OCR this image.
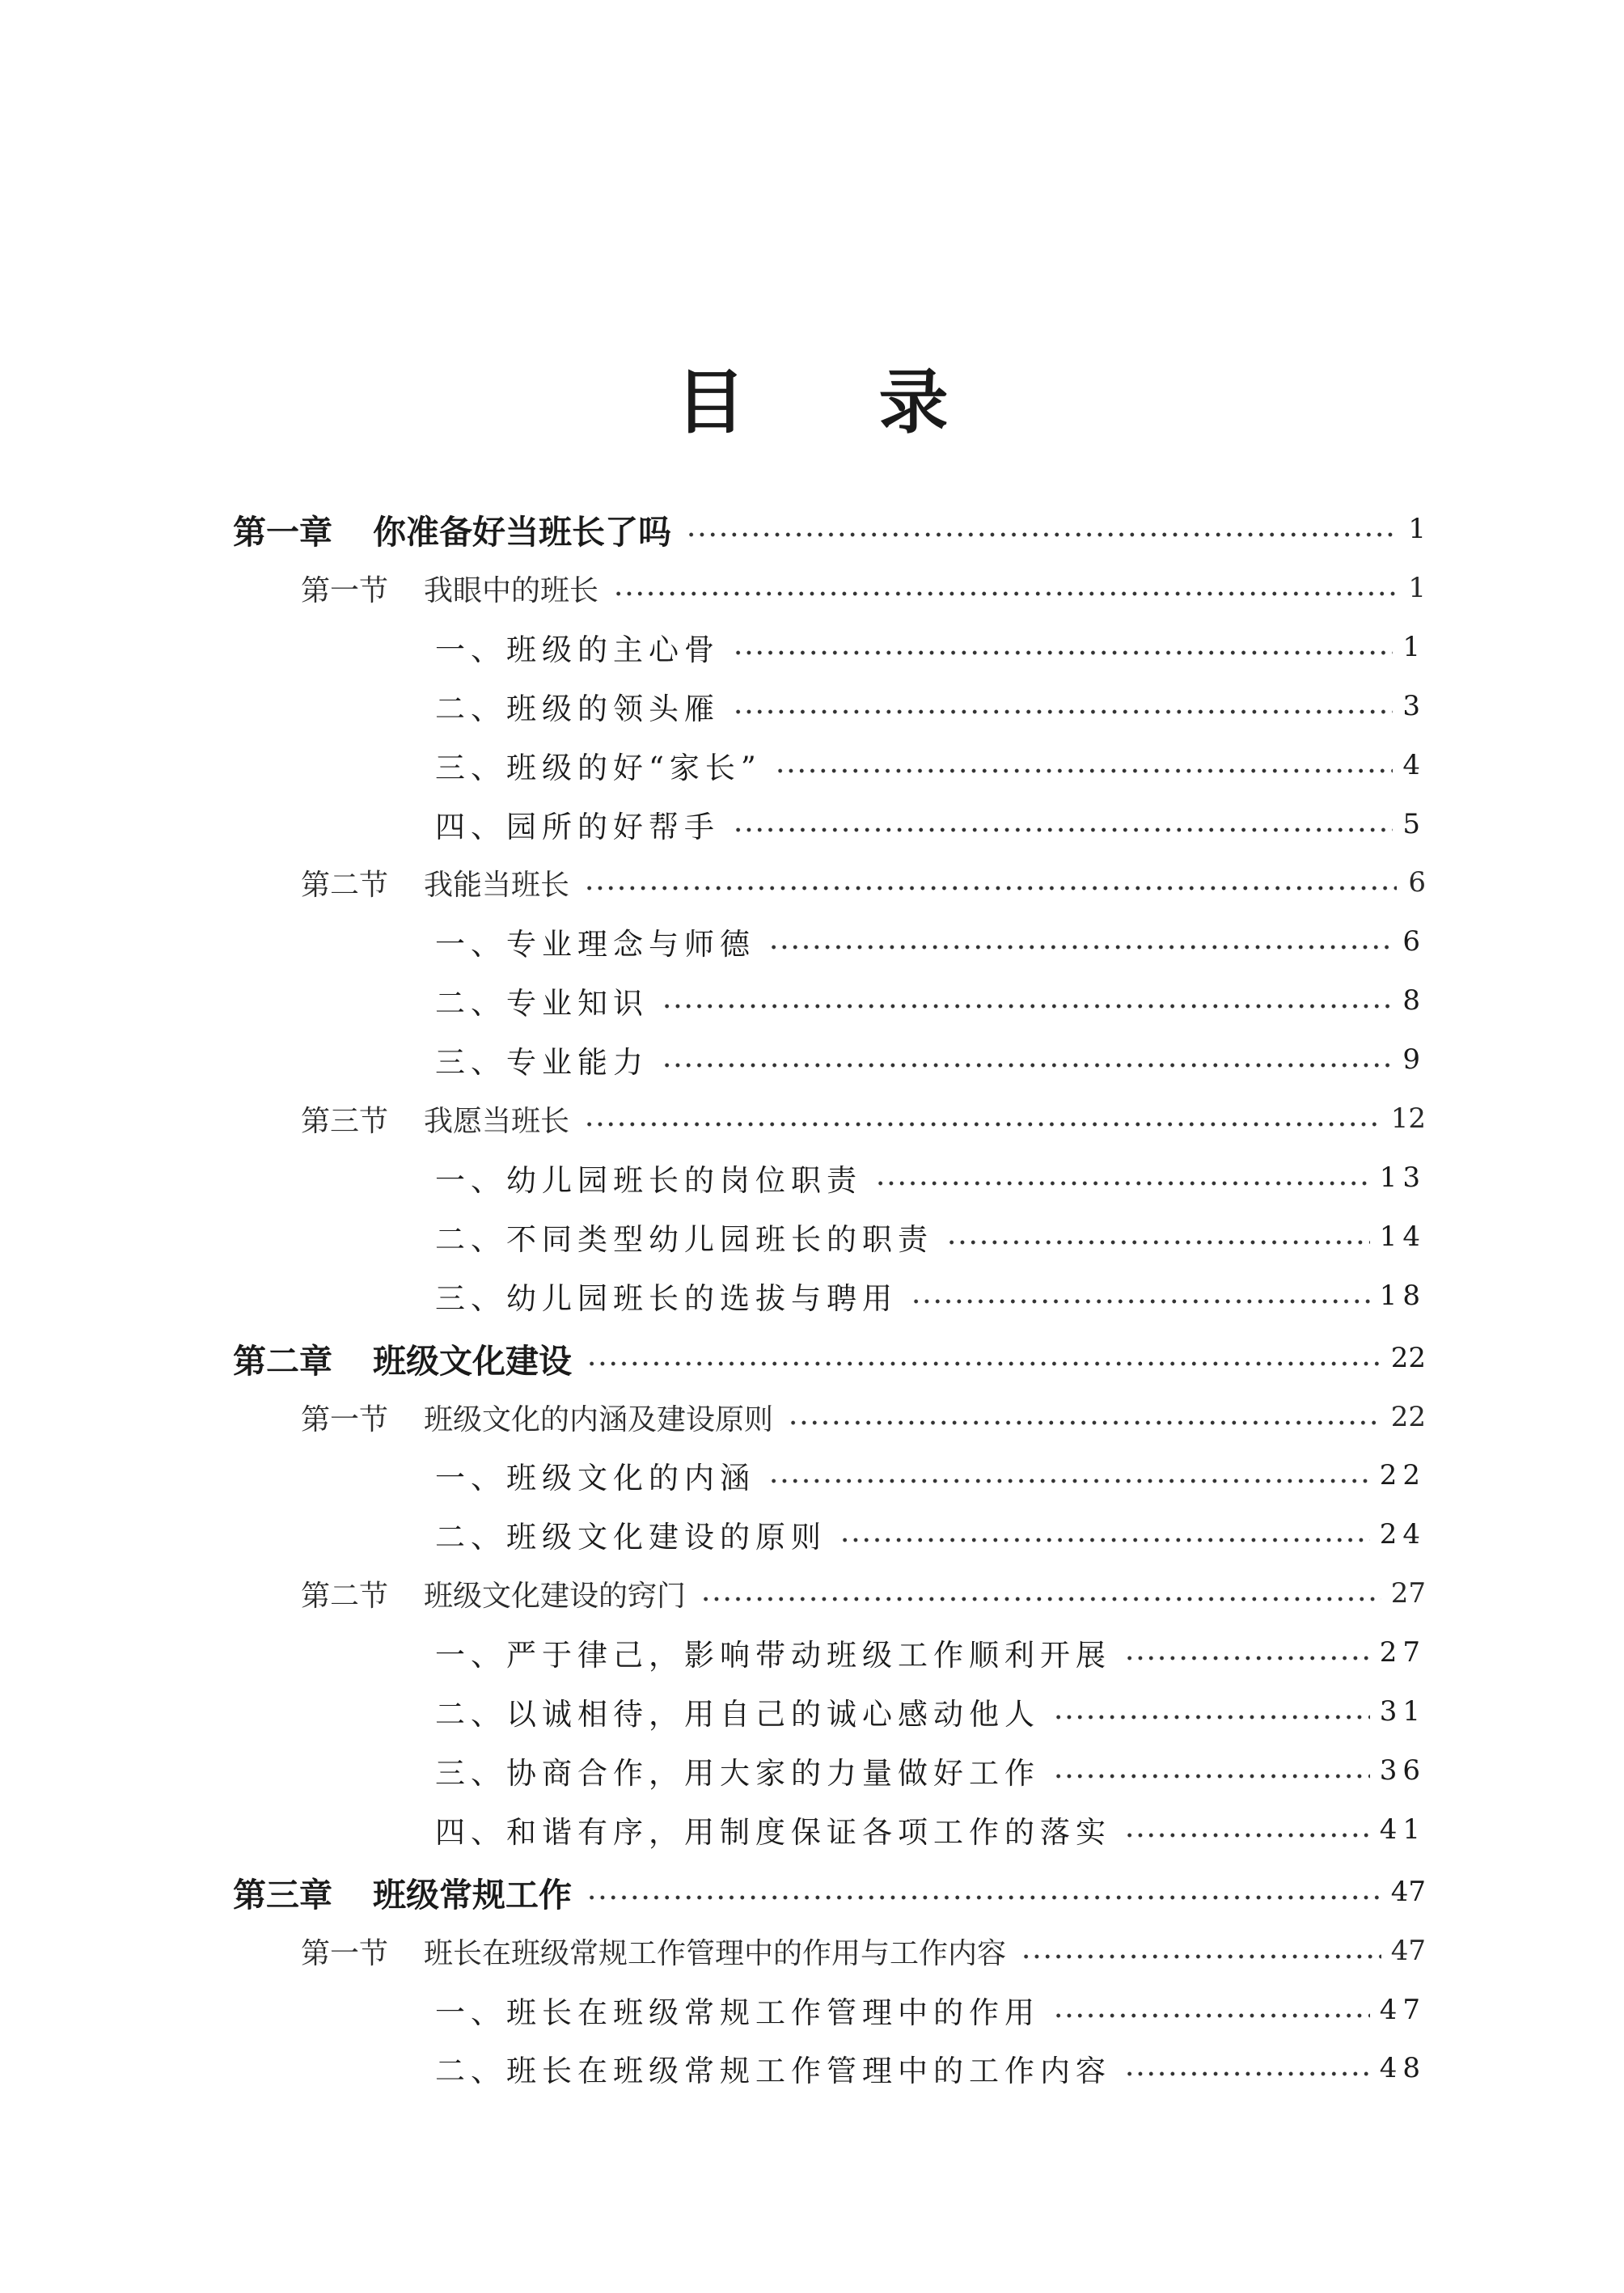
目 录
第一章 你准备好当班长了吗	1
第一节 我眼中的班长	1
一、班级的主心骨	1
二、班级的领头雁	3
三、班级的好“家长”	4
四、园所的好帮手	5
第二节 我能当班长	6
一、专业理念与师德	6
二、专业知识	8
三、专业能力	9
第三节 我愿当班长	12
一、幼儿园班长的岗位职责	13
二、不同类型幼儿园班长的职责	14
三、幼儿园班长的选拔与聘用	18
第二章 班级文化建设	22
第一节 班级文化的内涵及建设原则	22
一、班级文化的内涵	22
二、班级文化建设的原则	24
第二节 班级文化建设的窍门	27
一、严于律己，影响带动班级工作顺利开展	27
二、以诚相待，用自己的诚心感动他人	31
三、协商合作，用大家的力量做好工作	36
四、和谐有序，用制度保证各项工作的落实	41
第三章 班级常规工作	47
第一节 班长在班级常规工作管理中的作用与工作内容	47
一、班长在班级常规工作管理中的作用	47
二、班长在班级常规工作管理中的工作内容	48
